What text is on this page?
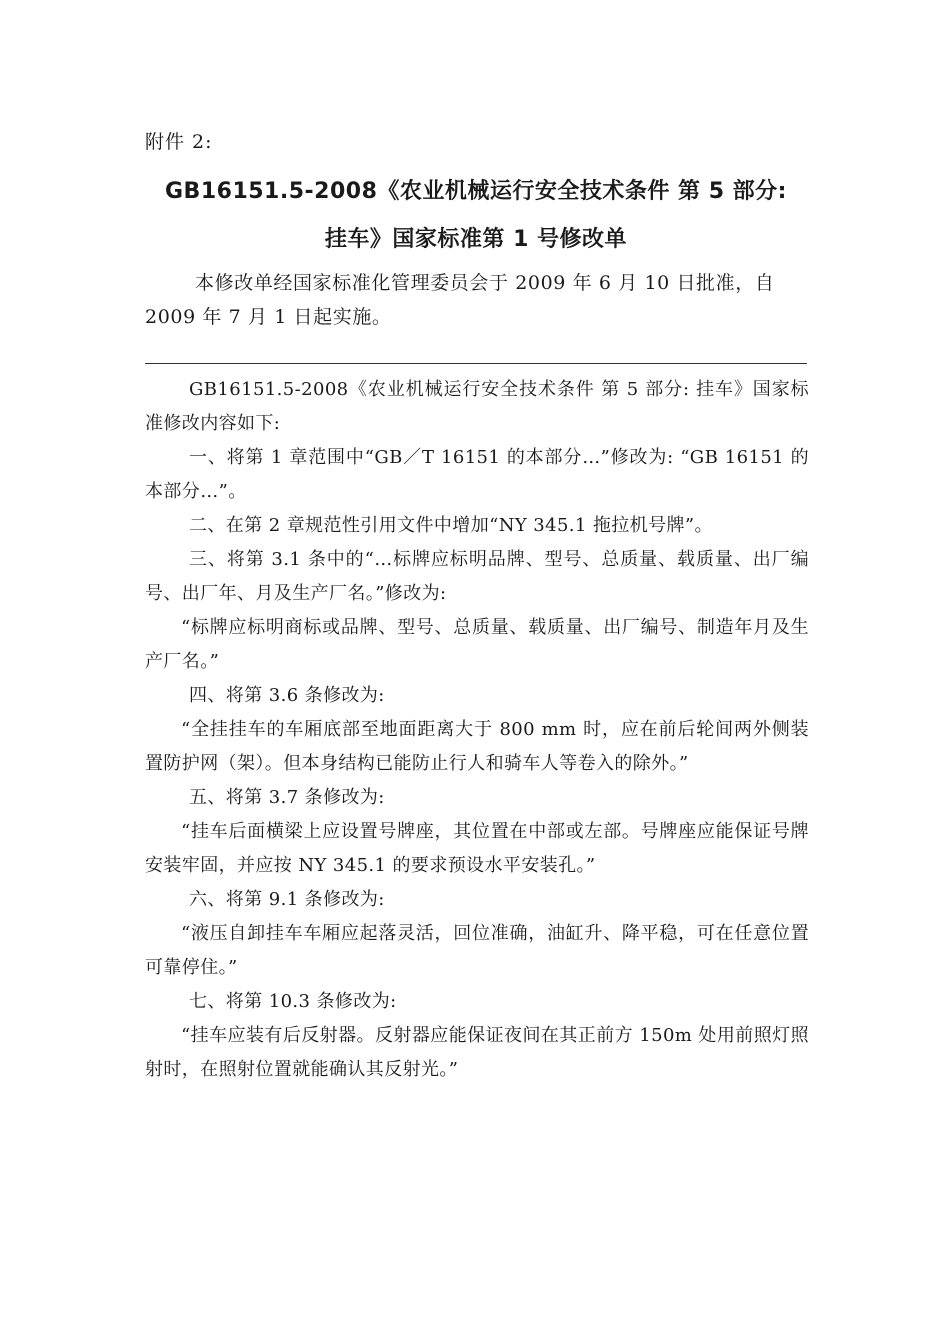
附件 2:
GB16151.5-2008《农业机械运行安全技术条件 第 5 部分:
挂车》国家标准第 1 号修改单
本修改单经国家标准化管理委员会于 2009 年 6 月 10 日批准，自 2009 年 7 月 1 日起实施。

GB16151.5-2008《农业机械运行安全技术条件 第 5 部分: 挂车》国家标准修改内容如下:

一、将第 1 章范围中“GB／T 16151 的本部分…”修改为: “GB 16151 的本部分…”。

二、在第 2 章规范性引用文件中增加“NY 345.1 拖拉机号牌”。

三、将第 3.1 条中的“…标牌应标明品牌、型号、总质量、载质量、出厂编号、出厂年、月及生产厂名。”修改为:

“标牌应标明商标或品牌、型号、总质量、载质量、出厂编号、制造年月及生产厂名。”

四、将第 3.6 条修改为:

“全挂挂车的车厢底部至地面距离大于 800 mm 时，应在前后轮间两外侧装置防护网（架）。但本身结构已能防止行人和骑车人等卷入的除外。”

五、将第 3.7 条修改为:

“挂车后面横梁上应设置号牌座，其位置在中部或左部。号牌座应能保证号牌安装牢固，并应按 NY 345.1 的要求预设水平安装孔。”

六、将第 9.1 条修改为:

“液压自卸挂车车厢应起落灵活，回位准确，油缸升、降平稳，可在任意位置可靠停住。”

七、将第 10.3 条修改为:

“挂车应装有后反射器。反射器应能保证夜间在其正前方 150m 处用前照灯照射时，在照射位置就能确认其反射光。”
